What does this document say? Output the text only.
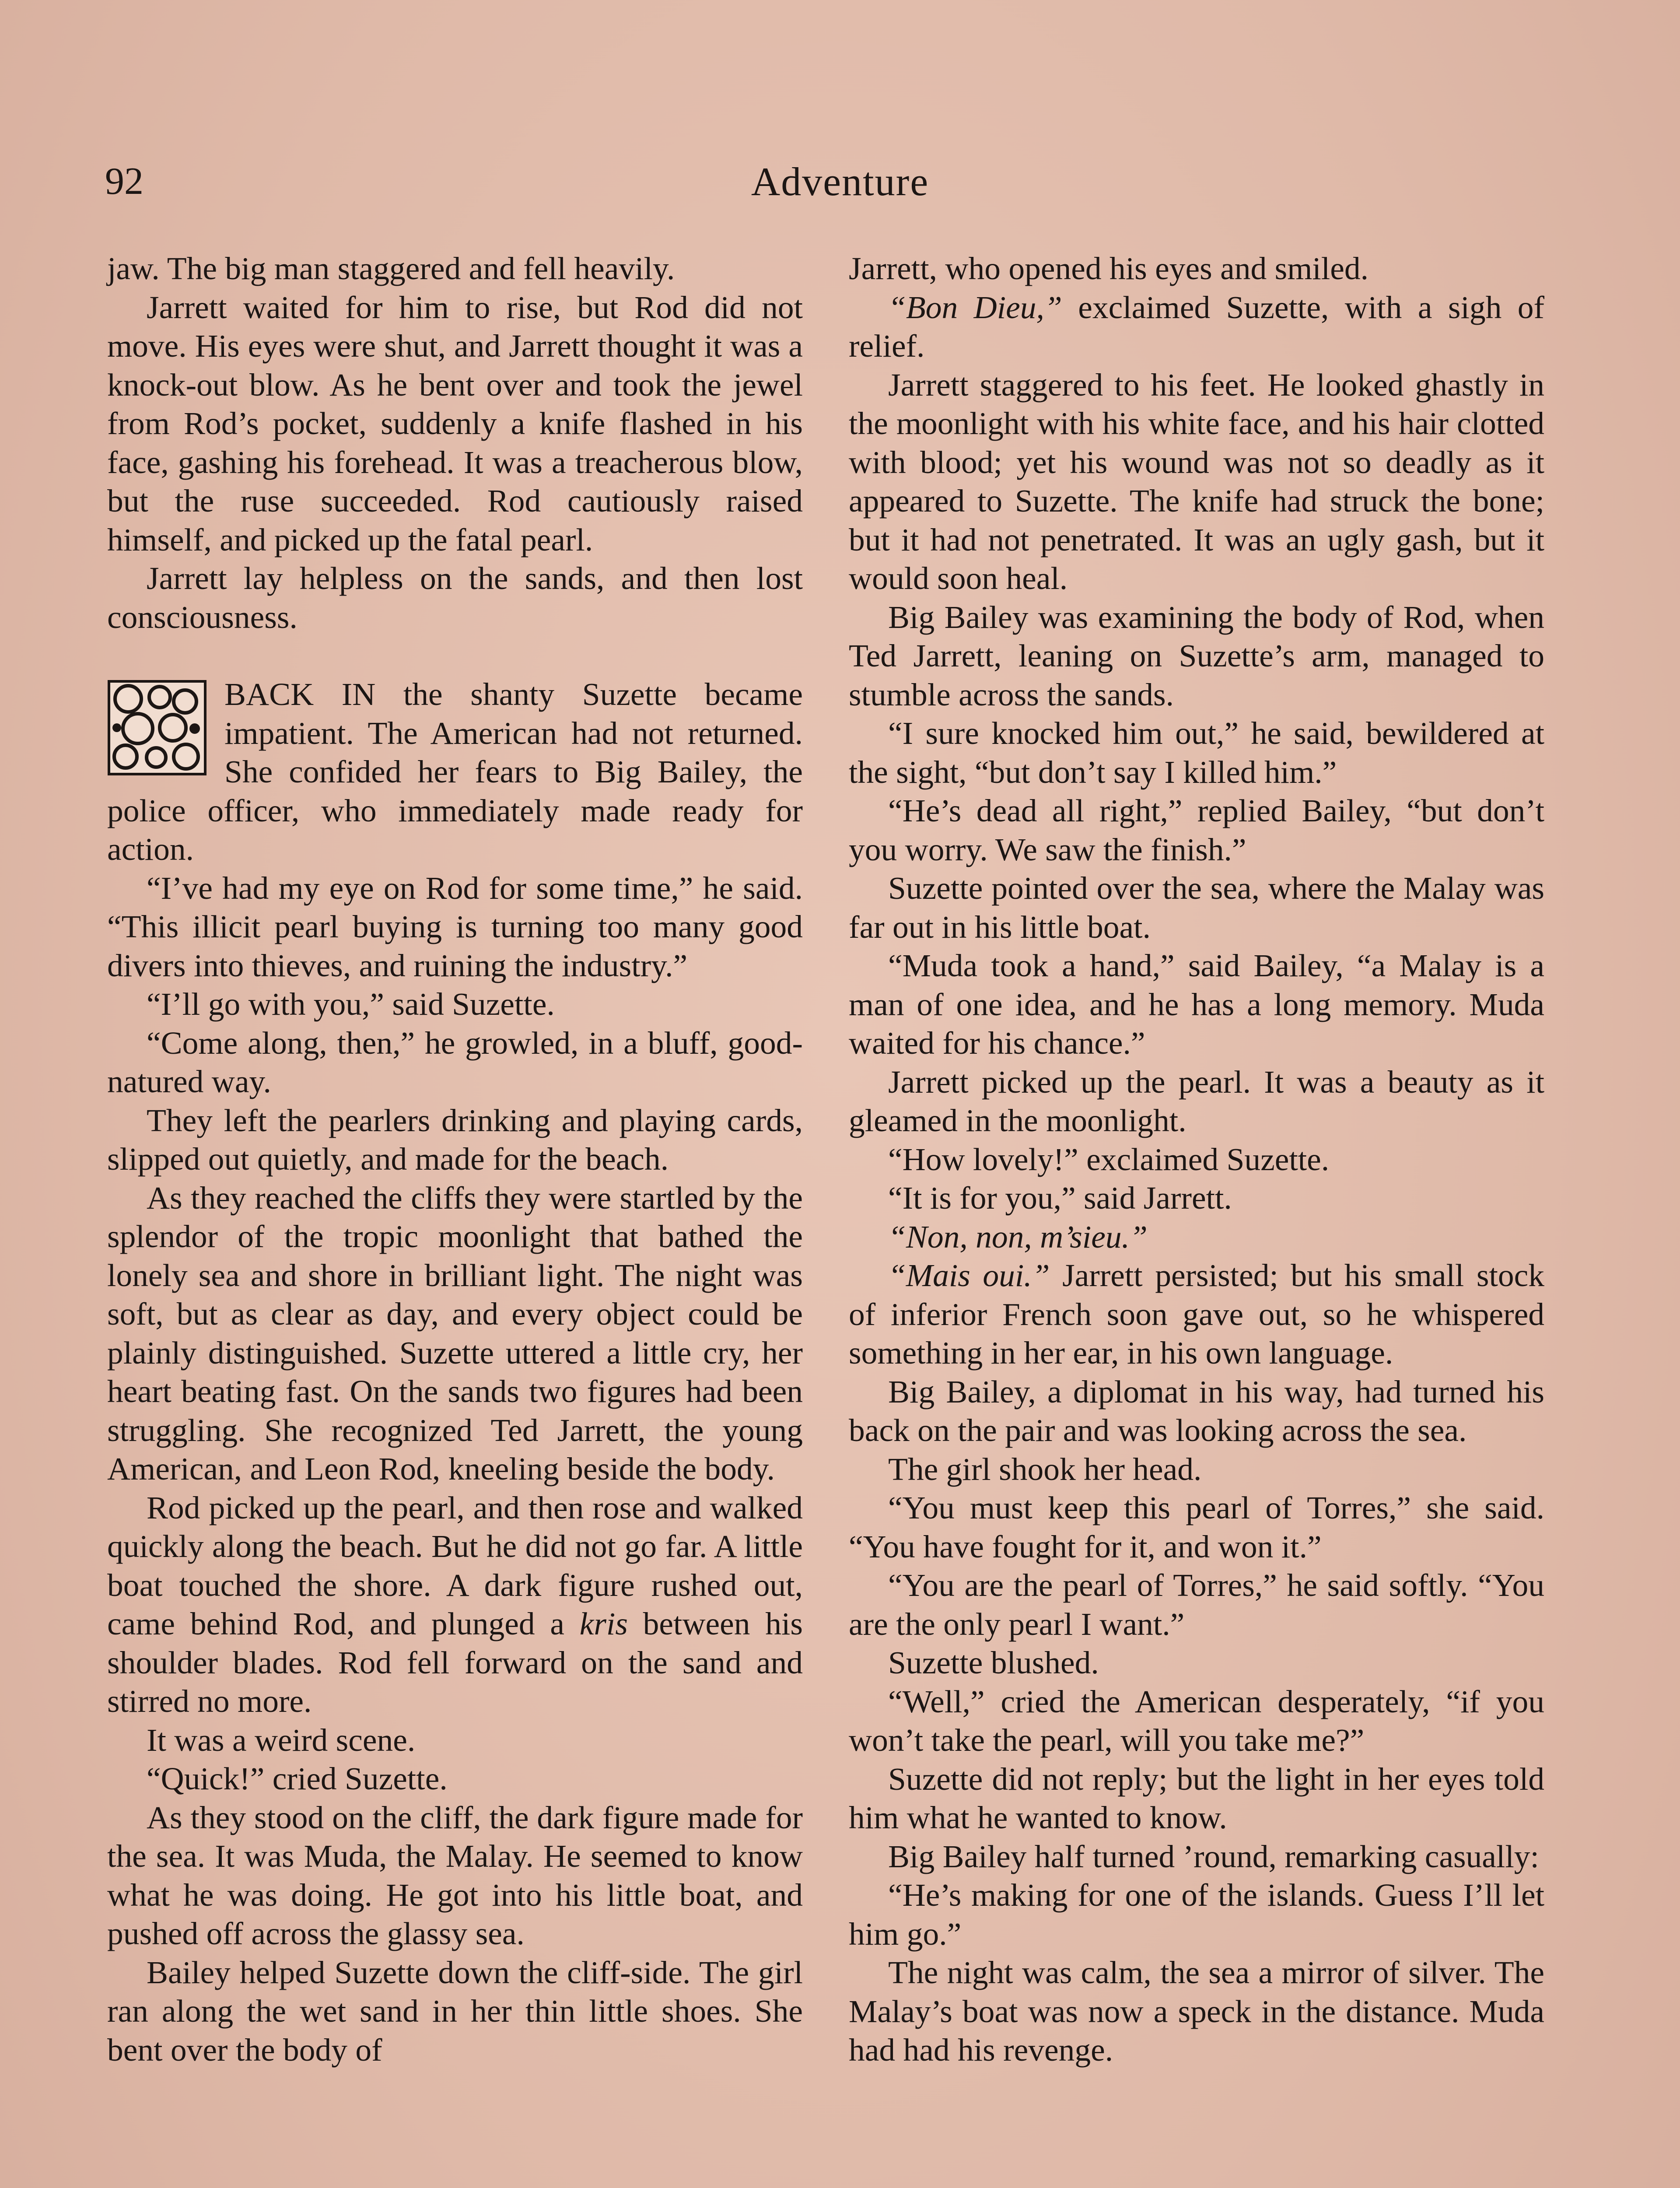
92	Adventure

jaw. The big man staggered and fell heavily.

Jarrett waited for him to rise, but Rod did not move. His eyes were shut, and Jarrett thought it was a knock-out blow. As he bent over and took the jewel from Rod’s pocket, suddenly a knife flashed in his face, gashing his forehead. It was a treacherous blow, but the ruse succeeded. Rod cautiously raised himself, and picked up the fatal pearl.

Jarrett lay helpless on the sands, and then lost consciousness.

BACK IN the shanty Suzette became impatient. The American had not returned. She confided her fears to Big Bailey, the police officer, who immediately made ready for action.

“I’ve had my eye on Rod for some time,” he said. “This illicit pearl buying is turning too many good divers into thieves, and ruining the industry.”

“I’ll go with you,” said Suzette.

“Come along, then,” he growled, in a bluff, good-natured way.

They left the pearlers drinking and playing cards, slipped out quietly, and made for the beach.

As they reached the cliffs they were startled by the splendor of the tropic moonlight that bathed the lonely sea and shore in brilliant light. The night was soft, but as clear as day, and every object could be plainly distinguished. Suzette uttered a little cry, her heart beating fast. On the sands two figures had been struggling. She recognized Ted Jarrett, the young American, and Leon Rod, kneeling beside the body.

Rod picked up the pearl, and then rose and walked quickly along the beach. But he did not go far. A little boat touched the shore. A dark figure rushed out, came behind Rod, and plunged a kris between his shoulder blades. Rod fell forward on the sand and stirred no more.

It was a weird scene.

“Quick!” cried Suzette.

As they stood on the cliff, the dark figure made for the sea. It was Muda, the Malay. He seemed to know what he was doing. He got into his little boat, and pushed off across the glassy sea.

Bailey helped Suzette down the cliff-side. The girl ran along the wet sand in her thin little shoes. She bent over the body of

Jarrett, who opened his eyes and smiled.

“Bon Dieu,” exclaimed Suzette, with a sigh of relief.

Jarrett staggered to his feet. He looked ghastly in the moonlight with his white face, and his hair clotted with blood; yet his wound was not so deadly as it appeared to Suzette. The knife had struck the bone; but it had not penetrated. It was an ugly gash, but it would soon heal.

Big Bailey was examining the body of Rod, when Ted Jarrett, leaning on Suzette’s arm, managed to stumble across the sands.

“I sure knocked him out,” he said, bewildered at the sight, “but don’t say I killed him.”

“He’s dead all right,” replied Bailey, “but don’t you worry. We saw the finish.”

Suzette pointed over the sea, where the Malay was far out in his little boat.

“Muda took a hand,” said Bailey, “a Malay is a man of one idea, and he has a long memory. Muda waited for his chance.”

Jarrett picked up the pearl. It was a beauty as it gleamed in the moonlight.

“How lovely!” exclaimed Suzette.

“It is for you,” said Jarrett.

“Non, non, m’sieu.”

“Mais oui.” Jarrett persisted; but his small stock of inferior French soon gave out, so he whispered something in her ear, in his own language.

Big Bailey, a diplomat in his way, had turned his back on the pair and was looking across the sea.

The girl shook her head.

“You must keep this pearl of Torres,” she said. “You have fought for it, and won it.”

“You are the pearl of Torres,” he said softly. “You are the only pearl I want.”

Suzette blushed.

“Well,” cried the American desperately, “if you won’t take the pearl, will you take me?”

Suzette did not reply; but the light in her eyes told him what he wanted to know.

Big Bailey half turned ’round, remarking casually:

“He’s making for one of the islands. Guess I’ll let him go.”

The night was calm, the sea a mirror of silver. The Malay’s boat was now a speck in the distance. Muda had had his revenge.
